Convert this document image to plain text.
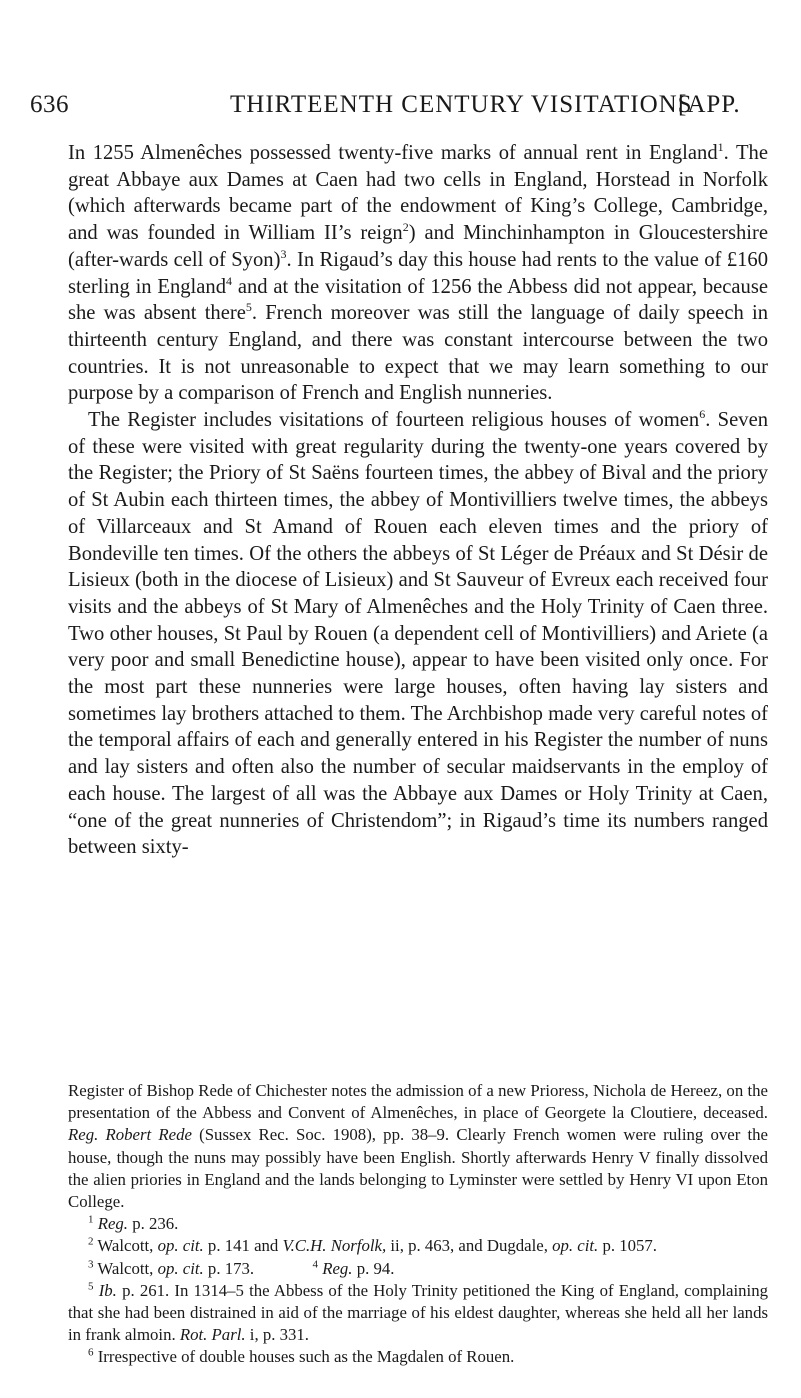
636	THIRTEENTH CENTURY VISITATIONS
[APP.

In 1255 Almenêches possessed twenty-five marks of annual rent in England$^1$. The great Abbaye aux Dames at Caen had two cells in England, Horstead in Norfolk (which afterwards became part of the endowment of King’s College, Cambridge, and was founded in William II’s reign$^2$) and Minchinhampton in Gloucestershire (after-wards cell of Syon)$^3$. In Rigaud’s day this house had rents to the value of £160 sterling in England$^4$ and at the visitation of 1256 the Abbess did not appear, because she was absent there$^5$. French moreover was still the language of daily speech in thirteenth century England, and there was constant intercourse between the two countries. It is not unreasonable to expect that we may learn something to our purpose by a comparison of French and English nunneries.

The Register includes visitations of fourteen religious houses of women$^6$. Seven of these were visited with great regularity during the twenty-one years covered by the Register; the Priory of St Saëns fourteen times, the abbey of Bival and the priory of St Aubin each thirteen times, the abbey of Montivilliers twelve times, the abbeys of Villarceaux and St Amand of Rouen each eleven times and the priory of Bondeville ten times. Of the others the abbeys of St Léger de Préaux and St Désir de Lisieux (both in the diocese of Lisieux) and St Sauveur of Evreux each received four visits and the abbeys of St Mary of Almenêches and the Holy Trinity of Caen three. Two other houses, St Paul by Rouen (a dependent cell of Montivilliers) and Ariete (a very poor and small Benedictine house), appear to have been visited only once. For the most part these nunneries were large houses, often having lay sisters and sometimes lay brothers attached to them. The Archbishop made very careful notes of the temporal affairs of each and generally entered in his Register the number of nuns and lay sisters and often also the number of secular maidservants in the employ of each house. The largest of all was the Abbaye aux Dames or Holy Trinity at Caen, “one of the great nunneries of Christendom”; in Rigaud’s time its numbers ranged between sixty-

Register of Bishop Rede of Chichester notes the admission of a new Prioress, Nichola de Hereez, on the presentation of the Abbess and Convent of Almenêches, in place of Georgete la Cloutiere, deceased. Reg. Robert Rede (Sussex Rec. Soc. 1908), pp. 38–9. Clearly French women were ruling over the house, though the nuns may possibly have been English. Shortly afterwards Henry V finally dissolved the alien priories in England and the lands belonging to Lyminster were settled by Henry VI upon Eton College.

$^1$ Reg. p. 236.

$^2$ Walcott, op. cit. p. 141 and V.C.H. Norfolk, ii, p. 463, and Dugdale, op. cit. p. 1057.

$^3$ Walcott, op. cit. p. 173.	$^4$ Reg. p. 94.

$^5$ Ib. p. 261. In 1314–5 the Abbess of the Holy Trinity petitioned the King of England, complaining that she had been distrained in aid of the marriage of his eldest daughter, whereas she held all her lands in frank almoin. Rot. Parl. i, p. 331.

$^6$ Irrespective of double houses such as the Magdalen of Rouen.
